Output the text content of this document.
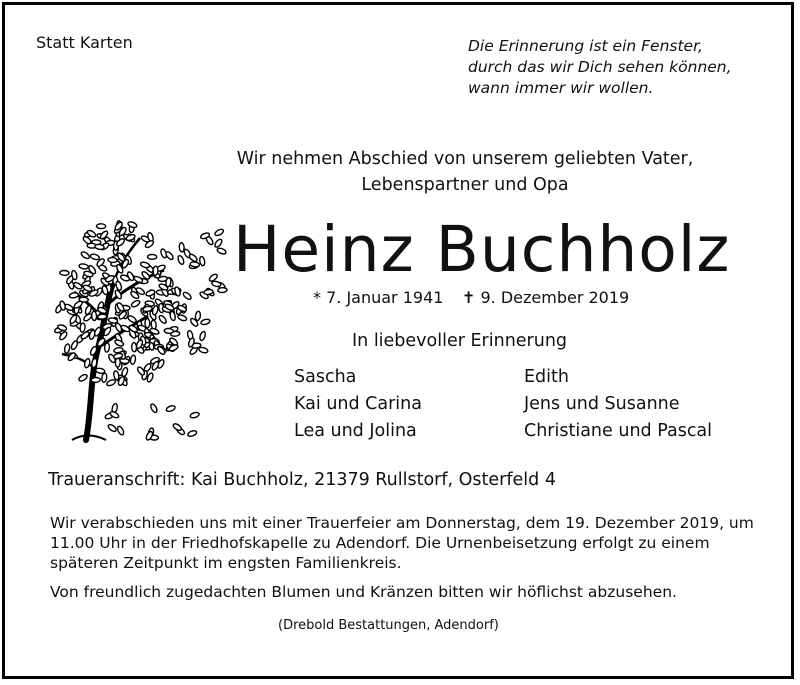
Statt Karten	Die Erinnerung ist ein Fenster,
durch das wir Dich sehen können,
wann immer wir wollen.
Wir nehmen Abschied von unserem geliebten Vater,
Lebenspartner und Opa
Heinz Buchholz
* 7. Januar 1941 ✝ 9. Dezember 2019
In liebevoller Erinnerung
Sascha
Kai und Carina
Lea und Jolina
Edith
Jens und Susanne
Christiane und Pascal
Traueranschrift: Kai Buchholz, 21379 Rullstorf, Osterfeld 4
Wir verabschieden uns mit einer Trauerfeier am Donnerstag, dem 19. Dezember 2019, um 11.00 Uhr in der Friedhofskapelle zu Adendorf. Die Urnenbeisetzung erfolgt zu einem späteren Zeitpunkt im engsten Familienkreis.
Von freundlich zugedachten Blumen und Kränzen bitten wir höflichst abzusehen.
(Drebold Bestattungen, Adendorf)
